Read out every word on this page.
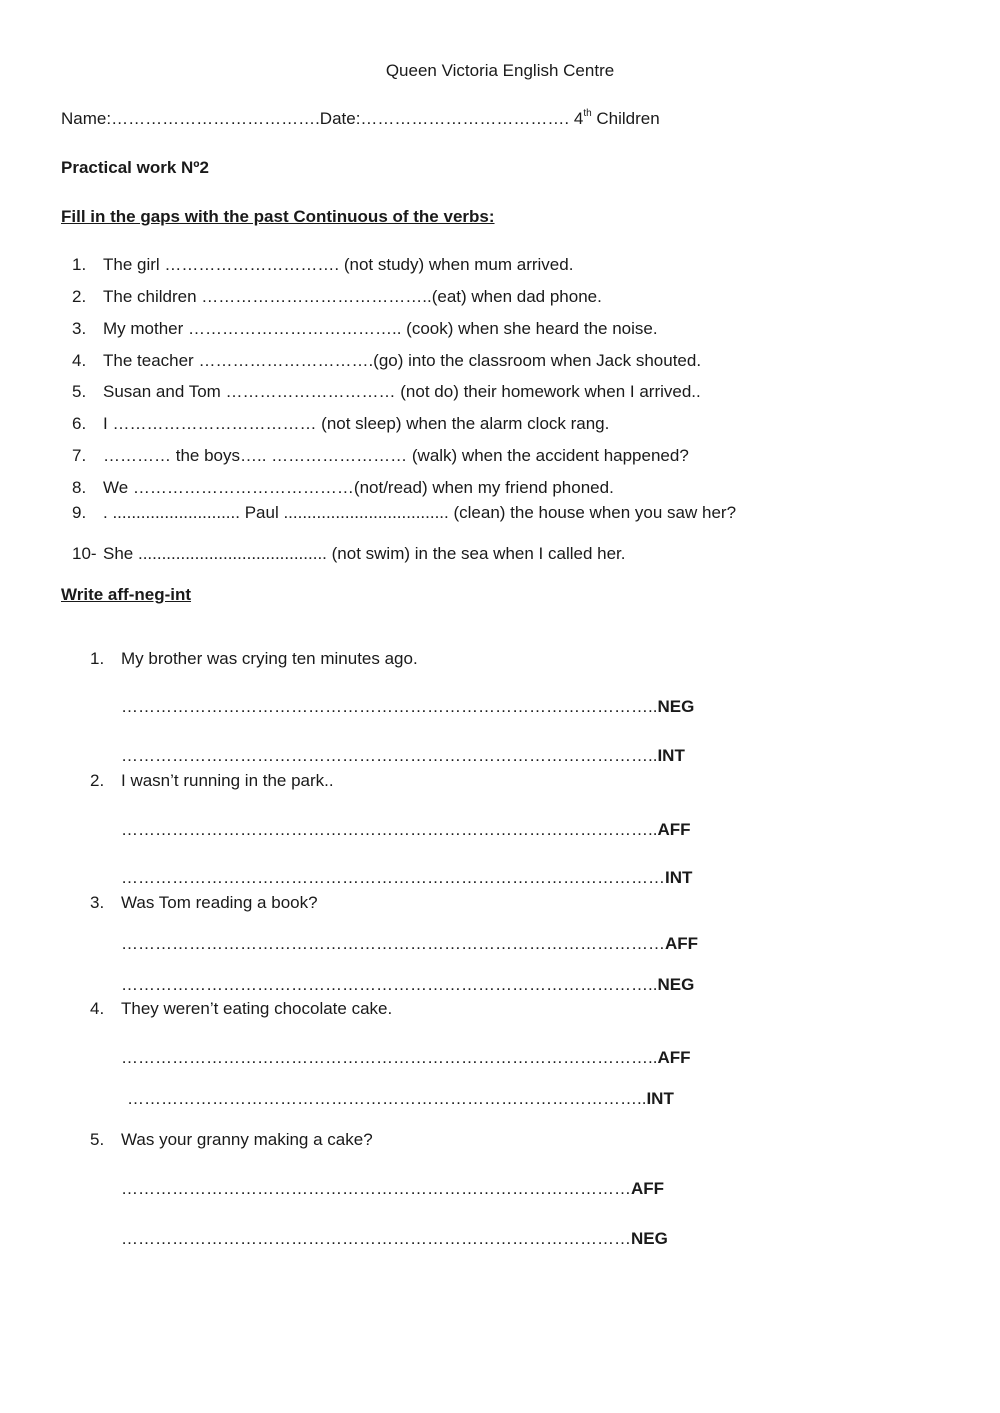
Queen Victoria English Centre
Name:……………………………….Date:………………………………. 4th Children
Practical work Nº2
Fill in the gaps with the past Continuous of the verbs:
1. The girl …………………………. (not study) when mum arrived.
2. The children …………………………………..(eat) when dad phone.
3. My mother ……………………………….. (cook) when she heard the noise.
4. The teacher ………………………….(go) into the classroom when Jack shouted.
5. Susan and Tom ………………………… (not do) their homework when I arrived..
6. I ……………………………… (not sleep) when the alarm clock rang.
7. ………… the boys….. …………………… (walk) when the accident happened?
8. We …………………………………(not/read) when my friend phoned.
9. . ........................... Paul ................................... (clean) the house when you saw her?
10- She ........................................ (not swim) in the sea when I called her.
Write aff-neg-int
1. My brother was crying ten minutes ago.
…………………………………………………………………………………..NEG
…………………………………………………………………………………..INT
2. I wasn’t running in the park..
…………………………………………………………………………………..AFF
……………………………………………………………………………………INT
3. Was Tom reading a book?
……………………………………………………………………………………AFF
…………………………………………………………………………………..NEG
4. They weren’t eating chocolate cake.
…………………………………………………………………………………..AFF
………………………………………………………………………………..INT
5. Was your granny making a cake?
………………………………………………………………………………AFF
………………………………………………………………………………NEG
